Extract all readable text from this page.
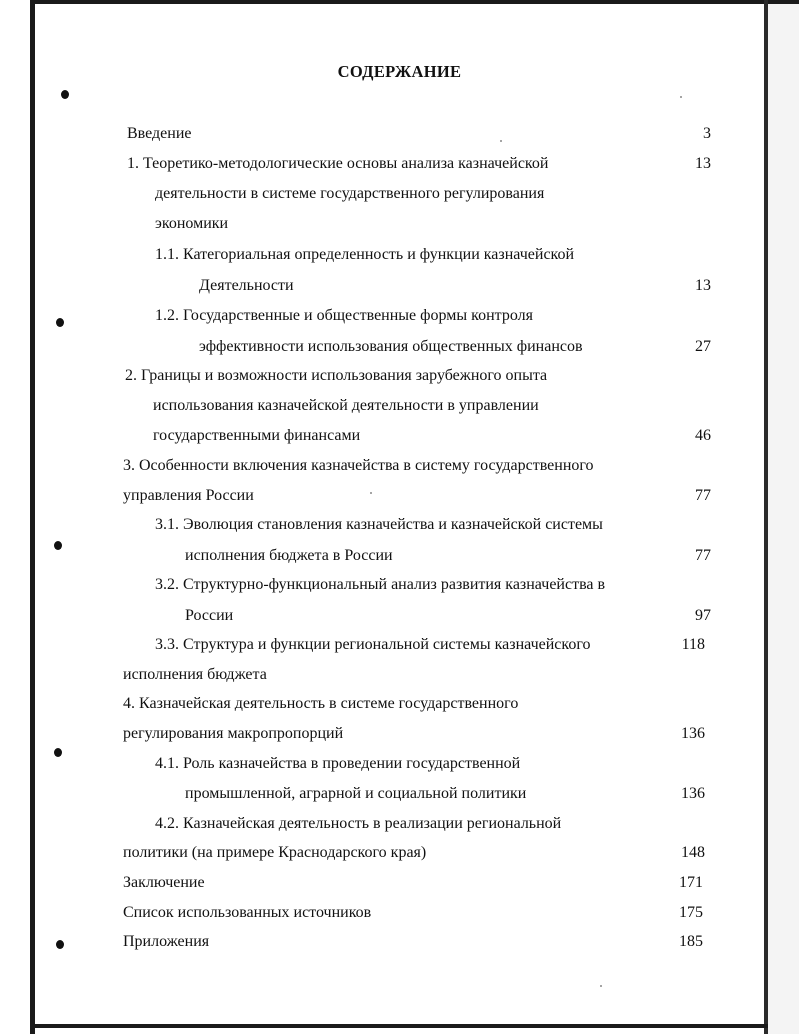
СОДЕРЖАНИЕ
Введение	3
1. Теоретико-методологические основы анализа казначейской	13
деятельности в системе государственного регулирования
экономики
1.1. Категориальная определенность и функции казначейской
Деятельности	13
1.2. Государственные и общественные формы контроля
эффективности использования общественных финансов	27
2. Границы и возможности использования зарубежного опыта
использования казначейской деятельности в управлении
государственными финансами	46
3. Особенности включения казначейства в систему государственного
управления России	77
3.1. Эволюция становления казначейства и казначейской системы
исполнения бюджета в России	77
3.2. Структурно-функциональный анализ развития казначейства в
России	97
3.3. Структура и функции региональной системы казначейского	118
исполнения бюджета
4. Казначейская деятельность в системе государственного
регулирования макропропорций	136
4.1. Роль казначейства в проведении государственной
промышленной, аграрной и социальной политики	136
4.2. Казначейская деятельность в реализации региональной
политики (на примере Краснодарского края)	148
Заключение	171
Список использованных источников	175
Приложения	185
